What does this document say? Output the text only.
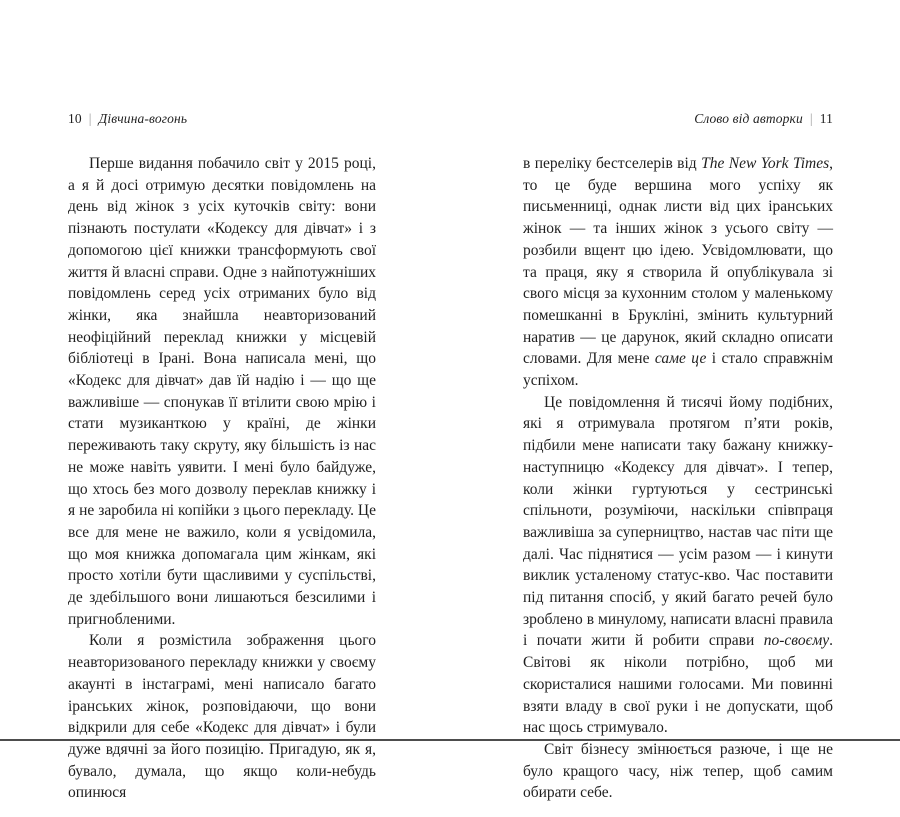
10 | Дівчина-вогонь

Перше видання побачило світ у 2015 році, а я й досі отримую десятки повідомлень на день від жінок з усіх куточків світу: вони пізнають постулати «Кодексу для дівчат» і з допомогою цієї книжки трансформують свої життя й власні справи. Одне з найпотужніших повідомлень серед усіх отриманих було від жінки, яка знайшла неавторизований неофіційний переклад книжки у місцевій бібліотеці в Ірані. Вона написала мені, що «Кодекс для дівчат» дав їй надію і — що ще важливіше — спонукав її втілити свою мрію і стати музиканткою у країні, де жінки переживають таку скруту, яку більшість із нас не може навіть уявити. І мені було байдуже, що хтось без мого дозволу переклав книжку і я не заробила ні копійки з цього перекладу. Це все для мене не важило, коли я усвідомила, що моя книжка допомагала цим жінкам, які просто хотіли бути щасливими у суспільстві, де здебільшого вони лишаються безсилими і пригнобленими.

Коли я розмістила зображення цього неавторизованого перекладу книжки у своєму акаунті в інстаграмі, мені написало багато іранських жінок, розповідаючи, що вони відкрили для себе «Кодекс для дівчат» і були дуже вдячні за його позицію. Пригадую, як я, бувало, думала, що якщо коли-небудь опинюся

Слово від авторки | 11

в переліку бестселерів від The New York Times, то це буде вершина мого успіху як письменниці, однак листи від цих іранських жінок — та інших жінок з усього світу — розбили вщент цю ідею. Усвідомлювати, що та праця, яку я створила й опублікувала зі свого місця за кухонним столом у маленькому помешканні в Брукліні, змінить культурний наратив — це дарунок, який складно описати словами. Для мене саме це і стало справжнім успіхом.

Це повідомлення й тисячі йому подібних, які я отримувала протягом п’яти років, підбили мене написати таку бажану книжку-наступницю «Кодексу для дівчат». І тепер, коли жінки гуртуються у сестринські спільноти, розуміючи, наскільки співпраця важливіша за суперництво, настав час піти ще далі. Час піднятися — усім разом — і кинути виклик усталеному статус-кво. Час поставити під питання спосіб, у який багато речей було зроблено в минулому, написати власні правила і почати жити й робити справи по-своєму. Світові як ніколи потрібно, щоб ми скористалися нашими голосами. Ми повинні взяти владу в свої руки і не допускати, щоб нас щось стримувало.

Світ бізнесу змінюється разюче, і ще не було кращого часу, ніж тепер, щоб самим обирати себе.
